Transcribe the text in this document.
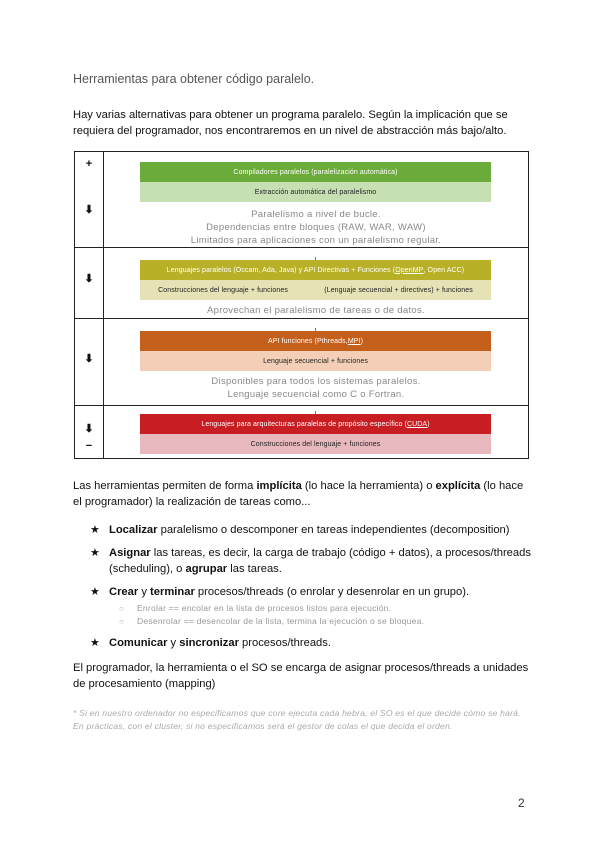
Herramientas para obtener código paralelo.
Hay varias alternativas para obtener un programa paralelo. Según la implicación que se requiera del programador, nos encontraremos en un nivel de abstracción más bajo/alto.
+
⬇
⬇
⬇
⬇
−
Compiladores paralelos (paralelización automática)
Extracción automática del paralelismo
Paralelismo a nivel de bucle.
Dependencias entre bloques (RAW, WAR, WAW)
Limitados para aplicaciones con un paralelismo regular.
Lenguajes paralelos (Occam, Ada, Java) y API Directivas + Funciones ( OpenMP , Open ACC)
Construcciones del lenguaje + funciones	(Lenguaje secuencial + directives) + funciones
Aprovechan el paralelismo de tareas o de datos.
API funciones (Pthreads, MPI )
Lenguaje secuencial + funciones
Disponibles para todos los sistemas paralelos.
Lenguaje secuencial como C o Fortran.
Lenguajes para arquitecturas paralelas de propósito específico ( CUDA )
Construcciones del lenguaje + funciones
Las herramientas permiten de forma implícita (lo hace la herramienta) o explícita (lo hace el programador) la realización de tareas como...
★ Localizar paralelismo o descomponer en tareas independientes (decomposition)
★ Asignar las tareas, es decir, la carga de trabajo (código + datos), a procesos/threads (scheduling), o agrupar las tareas.
★ Crear y terminar procesos/threads (o enrolar y desenrolar en un grupo).
○ Enrolar == encolar en la lista de procesos listos para ejecución.
○ Desenrolar == desencolar de la lista, termina la ejecución o se bloquea.
★ Comunicar y sincronizar procesos/threads.
El programador, la herramienta o el SO se encarga de asignar procesos/threads a unidades de procesamiento (mapping)
* Si en nuestro ordenador no especificamos que core ejecuta cada hebra, el SO es el que decide cómo se hará. En prácticas, con el cluster, si no especificamos será el gestor de colas el que decida el orden.
2
